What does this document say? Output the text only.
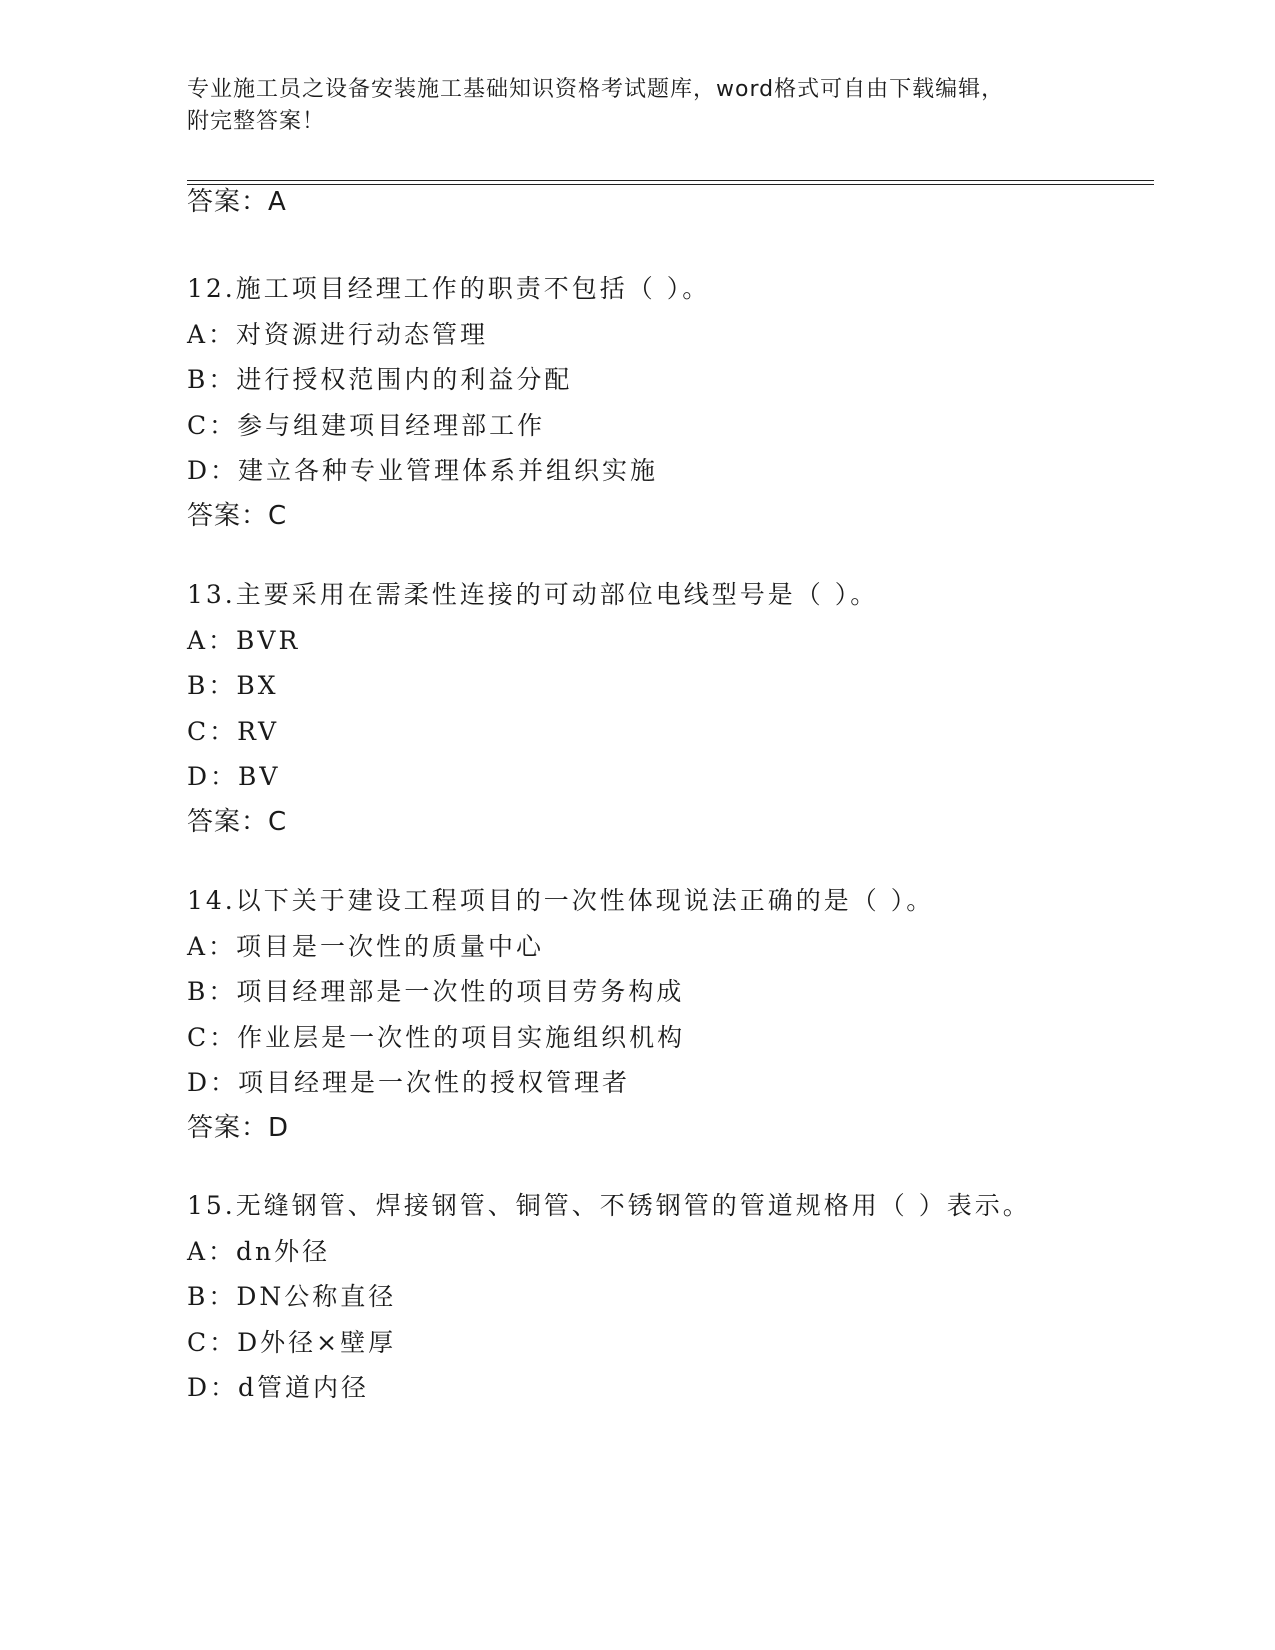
专业施工员之设备安装施工基础知识资格考试题库，word格式可自由下载编辑，
附完整答案！
答案：A
12.施工项目经理工作的职责不包括（ ）。
A：对资源进行动态管理
B：进行授权范围内的利益分配
C：参与组建项目经理部工作
D：建立各种专业管理体系并组织实施
答案：C
13.主要采用在需柔性连接的可动部位电线型号是（ ）。
A：BVR
B：BX
C：RV
D：BV
答案：C
14.以下关于建设工程项目的一次性体现说法正确的是（ ）。
A：项目是一次性的质量中心
B：项目经理部是一次性的项目劳务构成
C：作业层是一次性的项目实施组织机构
D：项目经理是一次性的授权管理者
答案：D
15.无缝钢管、焊接钢管、铜管、不锈钢管的管道规格用（ ）表示。
A：dn外径
B：DN公称直径
C：D外径×壁厚
D：d管道内径
